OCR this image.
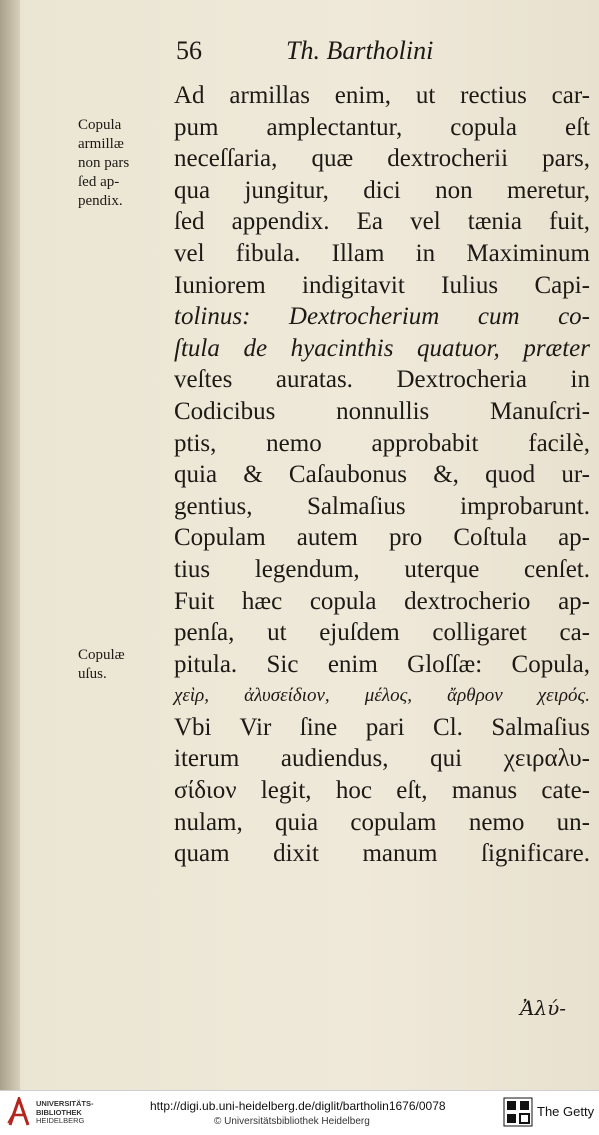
56	Th. Bartholini
Copula
armillæ
non pars
ſed ap-
pendix.
Copulæ
uſus.
Ad armillas enim, ut rectius car-
pum amplectantur, copula eſt
neceſſaria, quæ dextrocherii pars,
qua jungitur, dici non meretur,
ſed appendix. Ea vel tænia fuit,
vel fibula. Illam in Maximinum
Iuniorem indigitavit Iulius Capi-
tolinus: Dextrocherium cum co-
ſtula de hyacinthis quatuor, præter
veſtes auratas. Dextrocheria in
Codicibus nonnullis Manuſcri-
ptis, nemo approbabit facilè,
quia & Caſaubonus &, quod ur-
gentius, Salmaſius improbarunt.
Copulam autem pro Coſtula ap-
tius legendum, uterque cenſet.
Fuit hæc copula dextrocherio ap-
penſa, ut ejuſdem colligaret ca-
pitula. Sic enim Gloſſæ: Copula,
χεὶρ, ἀλυσείδιον, μέλος, ἄρθρον χειρός.
Vbi Vir ſine pari Cl. Salmaſius
iterum audiendus, qui χειραλυ-
σίδιον legit, hoc eſt, manus cate-
nulam, quia copulam nemo un-
quam dixit manum ſignificare.
Ἀλύ-
UNIVERSITÄTS-
BIBLIOTHEK
HEIDELBERG
http://digi.ub.uni-heidelberg.de/diglit/bartholin1676/0078
© Universitätsbibliothek Heidelberg
The Getty
